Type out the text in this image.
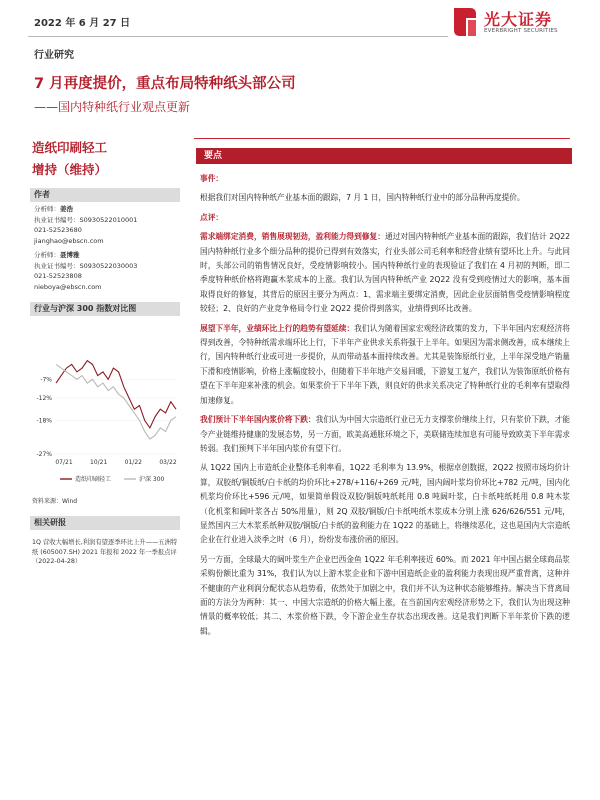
2022 年 6 月 27 日	光大证券
EVERBRIGHT SECURITIES
行业研究
7 月再度提价，重点布局特种纸头部公司
——国内特种纸行业观点更新
造纸印刷轻工
增持（维持）
作者
分析师：姜浩
执业证书编号：S0930522010001
021-52523680
jianghao@ebscn.com
分析师：聂博雅
执业证书编号：S0930522030003
021-52523808
nieboya@ebscn.com
行业与沪深 300 指数对比图
-7%
-12%
-18%
-27%
07/21	10/21	01/22	03/22
造纸印刷轻工	沪深 300
资料来源：Wind
相关研报
1Q 营收大幅增长,利润有望逐季环比上升——五洲特纸 (605007.SH) 2021 年报和 2022 年一季报点评（2022-04-28）
要点

事件：

根据我们对国内特种纸产业基本面的跟踪，7 月 1 日，国内特种纸行业中的部分品种再度提价。

点评：

需求端绑定消费，销售展现韧劲，盈利能力得到修复：通过对国内特种纸产业基本面的跟踪，我们估计 2Q22 国内特种纸行业多个细分品种的提价已得到有效落实，行业头部公司毛利率和经营业绩有望环比上升。与此同时，头部公司的销售情况良好，受疫情影响较小。国内特种纸行业的表现验证了我们在 4 月初的判断，即二季度特种纸价格将跑赢木浆成本的上涨。我们认为国内特种纸产业 2Q22 没有受到疫情过大的影响，基本面取得良好的修复，其背后的原因主要分为两点：1、需求端主要绑定消费，因此企业层面销售受疫情影响程度较轻；2、良好的产业竞争格局令行业 2Q22 提价得到落实，业绩得到环比改善。

展望下半年，业绩环比上行的趋势有望延续：我们认为随着国家宏观经济政策的发力，下半年国内宏观经济将得到改善，令特种纸需求端环比上行，下半年产业供求关系将强于上半年。如果因为需求侧改善，成本继续上行，国内特种纸行业或可进一步提价，从而带动基本面持续改善。尤其是装饰原纸行业，上半年深受地产销量下滑和疫情影响，价格上涨幅度较小，但随着下半年地产交易回暖，下游复工复产，我们认为装饰原纸价格有望在下半年迎来补涨的机会。如果浆价于下半年下跌，则良好的供求关系决定了特种纸行业的毛利率有望取得加速修复。

我们预计下半年国内浆价将下跌：我们认为中国大宗造纸行业已无力支撑浆价继续上行，只有浆价下跌，才能令产业链维持健康的发展态势，另一方面，欧美高通胀环境之下，美联储连续加息有可能导致欧美下半年需求转弱。我们预判下半年国内浆价有望下行。

从 1Q22 国内上市造纸企业整体毛利率看，1Q22 毛利率为 13.9%，根据卓创数据，2Q22 按照市场均价计算，双胶纸/铜版纸/白卡纸的均价环比+278/+116/+269 元/吨，国内阔叶浆均价环比+782 元/吨，国内化机浆均价环比+596 元/吨，如果简单假设双胶/铜版吨纸耗用 0.8 吨阔叶浆，白卡纸吨纸耗用 0.8 吨木浆（化机浆和阔叶浆各占 50%用量），则 2Q 双胶/铜版/白卡纸吨纸木浆成本分别上涨 626/626/551 元/吨，显然国内三大木浆系纸种双胶/铜版/白卡纸的盈利能力在 1Q22 的基础上，将继续恶化，这也是国内大宗造纸企业在行业进入淡季之时（6 月），纷纷发布涨价函的原因。

另一方面，全球最大的阔叶浆生产企业巴西金鱼 1Q22 年毛利率接近 60%。而 2021 年中国占据全球商品浆采购份额比重为 31%，我们认为以上游木浆企业和下游中国造纸企业的盈利能力表现出现严重背离，这种并不健康的产业利润分配状态从趋势看，依然处于加剧之中，我们并不认为这种状态能够维持。解决当下背离局面的方法分为两种：其一、中国大宗造纸的价格大幅上涨，在当前国内宏观经济形势之下，我们认为出现这种情景的概率较低；其二、木浆价格下跌，令下游企业生存状态出现改善。这是我们判断下半年浆价下跌的逻辑。
